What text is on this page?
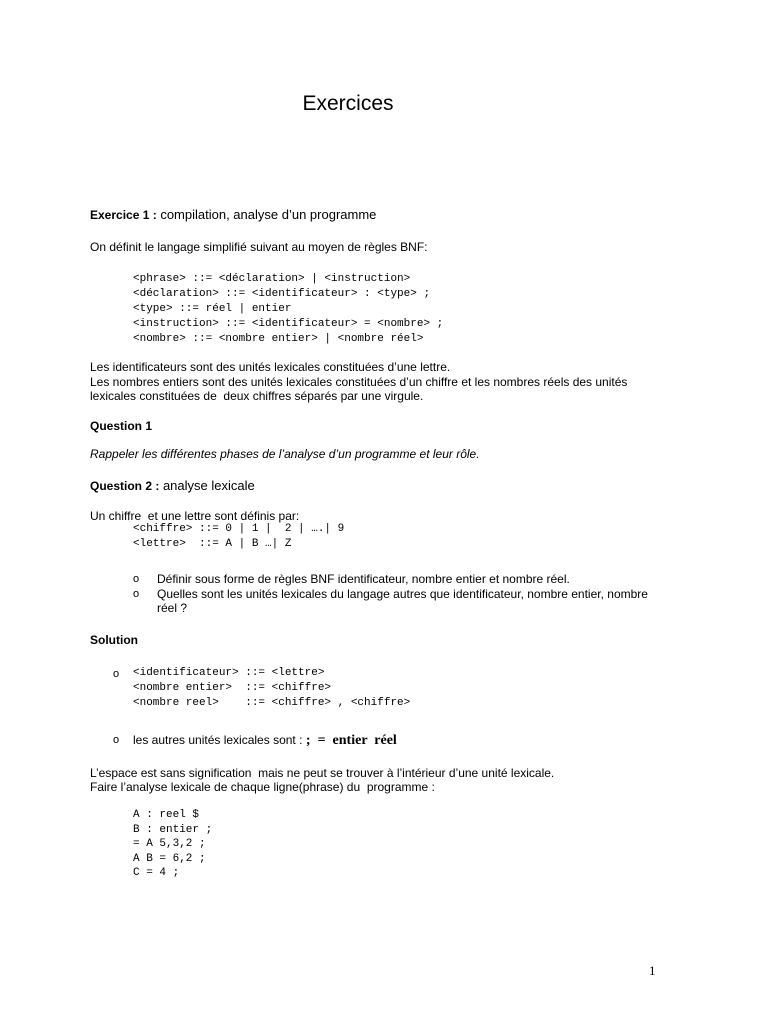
Exercices
Exercice 1 : compilation, analyse d’un programme
On définit le langage simplifié suivant au moyen de règles BNF:
<phrase> ::= <déclaration> | <instruction>
<déclaration> ::= <identificateur> : <type> ;
<type> ::= réel | entier
<instruction> ::= <identificateur> = <nombre> ;
<nombre> ::= <nombre entier> | <nombre réel>
Les identificateurs sont des unités lexicales constituées d’une lettre.
Les nombres entiers sont des unités lexicales constituées d’un chiffre et les nombres réels des unités
lexicales constituées de  deux chiffres séparés par une virgule.
Question 1
Rappeler les différentes phases de l’analyse d’un programme et leur rôle.
Question 2 : analyse lexicale
Un chiffre  et une lettre sont définis par:
<chiffre> ::= 0 | 1 |  2 | ….| 9
<lettre>  ::= A | B …| Z
o Définir sous forme de règles BNF identificateur, nombre entier et nombre réel.
o Quelles sont les unités lexicales du langage autres que identificateur, nombre entier, nombre
réel ?
Solution
o <identificateur> ::= <lettre>
<nombre entier>  ::= <chiffre>
<nombre reel>    ::= <chiffre> , <chiffre>
o les autres unités lexicales sont : ;  =  entier  réel
L’espace est sans signification  mais ne peut se trouver à l’intérieur d’une unité lexicale.
Faire l’analyse lexicale de chaque ligne(phrase) du  programme :
A : reel $
B : entier ;
= A 5,3,2 ;
A B = 6,2 ;
C = 4 ;
1
